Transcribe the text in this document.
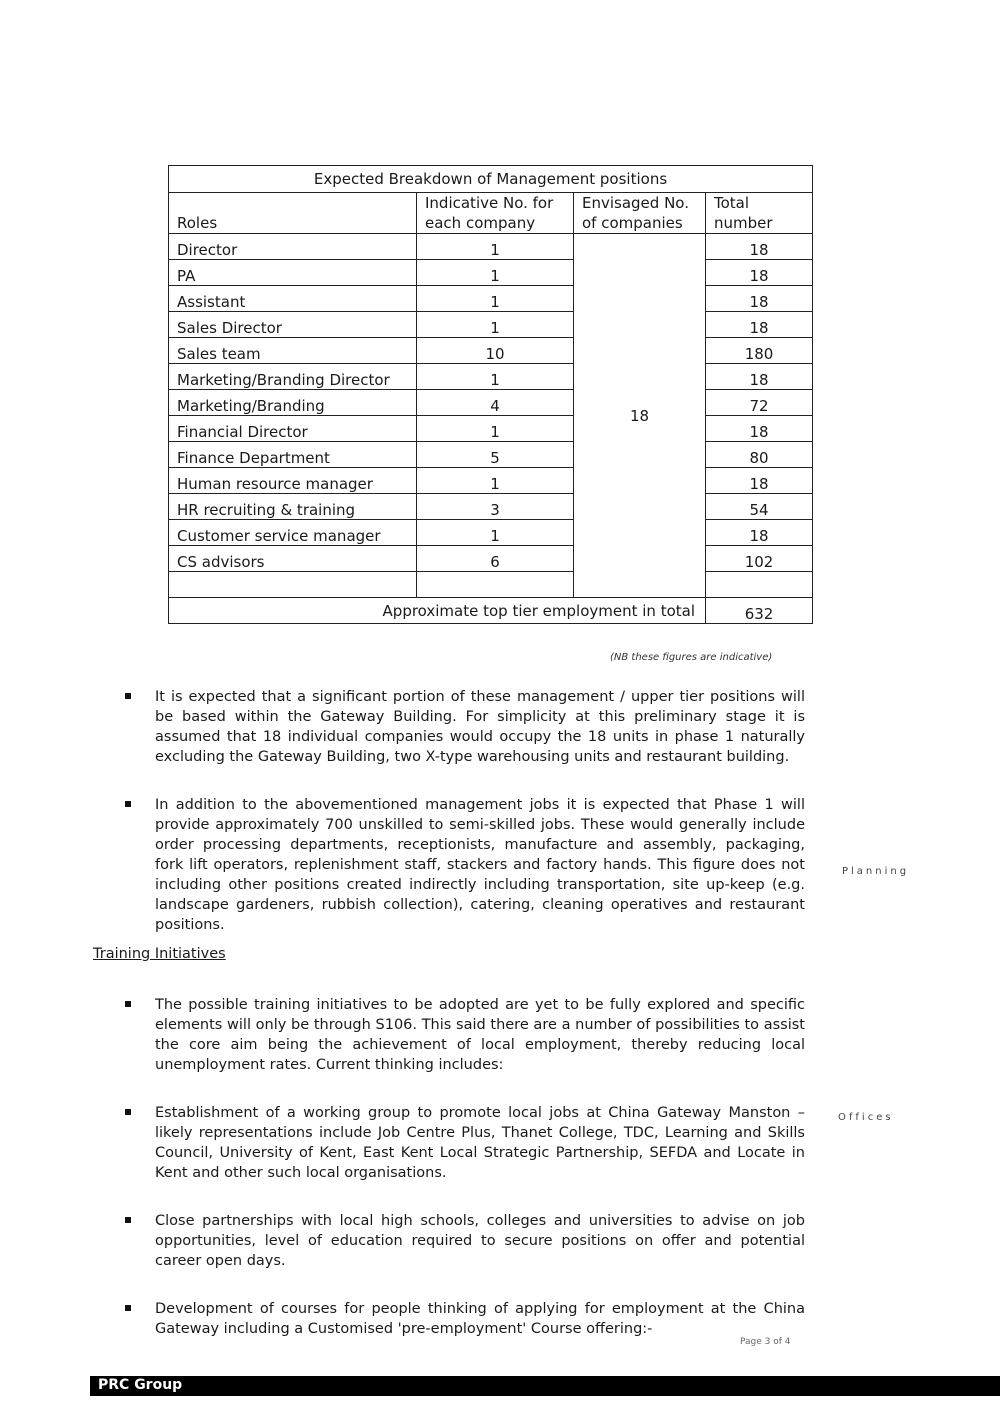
Expected Breakdown of Management positions			
Roles	Indicative No. for each company	Envisaged No. of companies	Total number
Director	1	18	18
PA	1		18
Assistant	1		18
Sales Director	1		18
Sales team	10		180
Marketing/Branding Director	1		18
Marketing/Branding	4		72
Financial Director	1		18
Finance Department	5		80
Human resource manager	1		18
HR recruiting & training	3		54
Customer service manager	1		18
CS advisors	6		102

Approximate top tier employment in total			632
(NB these figures are indicative)
It is expected that a significant portion of these management / upper tier positions will be based within the Gateway Building. For simplicity at this preliminary stage it is assumed that 18 individual companies would occupy the 18 units in phase 1 naturally excluding the Gateway Building, two X-type warehousing units and restaurant building.
In addition to the abovementioned management jobs it is expected that Phase 1 will provide approximately 700 unskilled to semi-skilled jobs. These would generally include order processing departments, receptionists, manufacture and assembly, packaging, fork lift operators, replenishment staff, stackers and factory hands. This figure does not including other positions created indirectly including transportation, site up-keep (e.g. landscape gardeners, rubbish collection), catering, cleaning operatives and restaurant positions.
Training Initiatives
The possible training initiatives to be adopted are yet to be fully explored and specific elements will only be through S106. This said there are a number of possibilities to assist the core aim being the achievement of local employment, thereby reducing local unemployment rates. Current thinking includes:
Establishment of a working group to promote local jobs at China Gateway Manston – likely representations include Job Centre Plus, Thanet College, TDC, Learning and Skills Council, University of Kent, East Kent Local Strategic Partnership, SEFDA and Locate in Kent and other such local organisations.
Close partnerships with local high schools, colleges and universities to advise on job opportunities, level of education required to secure positions on offer and potential career open days.
Development of courses for people thinking of applying for employment at the China Gateway including a Customised 'pre-employment' Course offering:-
Planning
Offices
Page 3 of 4
PRC Group
